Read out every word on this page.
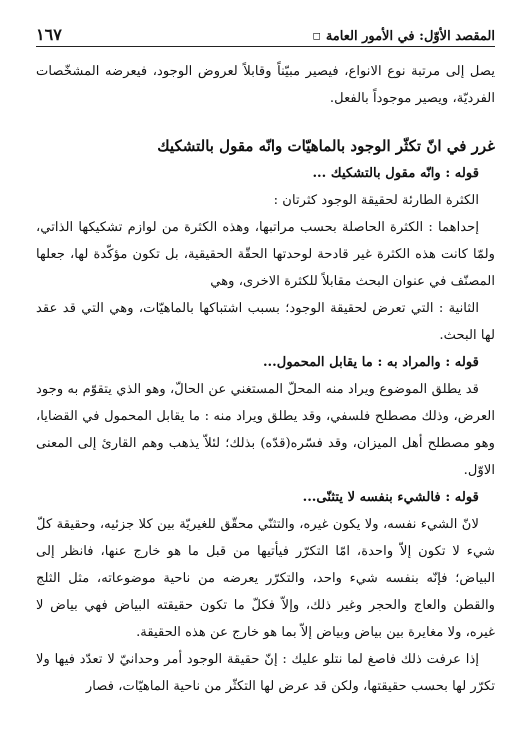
المقصد الأوّل: في الأمور العامة
◻
١٦٧

يصل إلى مرتبة نوع الانواع، فيصير مبيّناً وقابلاً لعروض الوجود، فيعرضه المشخّصات الفرديّة، ويصير موجوداً بالفعل.

غرر في انّ تكثّر الوجود بالماهيّات وانّه مقول بالتشكيك

قوله : وانّه مقول بالتشكيك ...

الكثرة الطارئة لحقيقة الوجود كثرتان :

إحداهما : الكثرة الحاصلة بحسب مراتبها، وهذه الكثرة من لوازم تشكيكها الذاتي، ولمّا كانت هذه الكثرة غير قادحة لوحدتها الحقّة الحقيقية، بل تكون مؤكّدة لها، جعلها المصنّف في عنوان البحث مقابلاً للكثرة الاخرى، وهي

الثانية : التي تعرض لحقيقة الوجود؛ بسبب اشتباكها بالماهيّات، وهي التي قد عقد لها البحث.

قوله : والمراد به : ما يقابل المحمول...

قد يطلق الموضوع ويراد منه المحلّ المستغني عن الحالّ، وهو الذي يتقوّم به وجود العرض، وذلك مصطلح فلسفي، وقد يطلق ويراد منه : ما يقابل المحمول في القضايا، وهو مصطلح أهل الميزان، وقد فسّره(قدّه) بذلك؛ لئلاّ يذهب وهم القارئ إلى المعنى الاوّل.

قوله : فالشيء بنفسه لا يتثنّى...

لانّ الشيء نفسه، ولا يكون غيره، والتثنّي محقّق للغيريّة بين كلا جزئيه، وحقيقة كلّ شيء لا تكون إلاّ واحدة، امّا التكرّر فيأتيها من قبل ما هو خارج عنها، فانظر إلى البياض؛ فإنّه بنفسه شيء واحد، والتكرّر يعرضه من ناحية موضوعاته، مثل الثلج والقطن والعاج والحجر وغير ذلك، وإلاّ فكلّ ما تكون حقيقته البياض فهي بياض لا غيره، ولا مغايرة بين بياض وبياض إلاّ بما هو خارج عن هذه الحقيقة.

إذا عرفت ذلك فاصغ لما نتلو عليك : إنّ حقيقة الوجود أمر وحدانيّ لا تعدّد فيها ولا تكرّر لها بحسب حقيقتها، ولكن قد عرض لها التكثّر من ناحية الماهيّات، فصار
